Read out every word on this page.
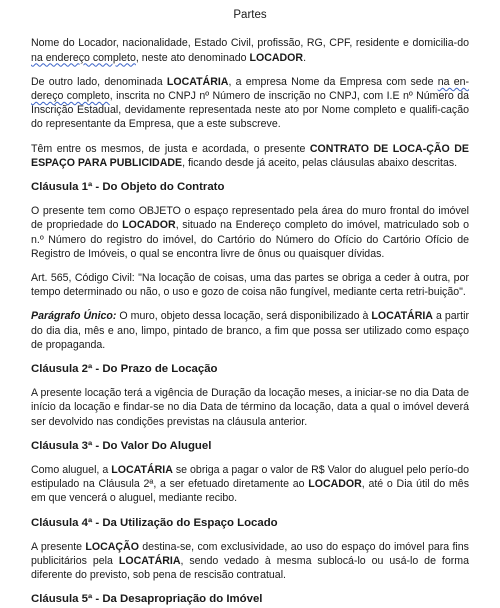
Partes

Nome do Locador, nacionalidade, Estado Civil, profissão, RG, CPF, residente e domicilia-do na endereço completo, neste ato denominado LOCADOR.

De outro lado, denominada LOCATÁRIA, a empresa Nome da Empresa com sede na en-dereço completo, inscrita no CNPJ nº Número de inscrição no CNPJ, com I.E nº Número da Inscrição Estadual, devidamente representada neste ato por Nome completo e qualifi-cação do representante da Empresa, que a este subscreve.

Têm entre os mesmos, de justa e acordada, o presente CONTRATO DE LOCA-ÇÃO DE ESPAÇO PARA PUBLICIDADE, ficando desde já aceito, pelas cláusulas abaixo descritas.

Cláusula 1ª - Do Objeto do Contrato

O presente tem como OBJETO o espaço representado pela área do muro frontal do imóvel de propriedade do LOCADOR, situado na Endereço completo do imóvel, matriculado sob o n.º Número do registro do imóvel, do Cartório do Número do Ofício do Cartório Ofício de Registro de Imóveis, o qual se encontra livre de ônus ou quaisquer dívidas.

Art. 565, Código Civil: "Na locação de coisas, uma das partes se obriga a ceder à outra, por tempo determinado ou não, o uso e gozo de coisa não fungível, mediante certa retri-buição".

Parágrafo Único: O muro, objeto dessa locação, será disponibilizado à LOCATÁRIA a partir do dia dia, mês e ano, limpo, pintado de branco, a fim que possa ser utilizado como espaço de propaganda.

Cláusula 2ª - Do Prazo de Locação

A presente locação terá a vigência de Duração da locação meses, a iniciar-se no dia Data de início da locação e findar-se no dia Data de término da locação, data a qual o imóvel deverá ser devolvido nas condições previstas na cláusula anterior.

Cláusula 3ª - Do Valor Do Aluguel

Como aluguel, a LOCATÁRIA se obriga a pagar o valor de R$ Valor do aluguel pelo perío-do estipulado na Cláusula 2ª, a ser efetuado diretamente ao LOCADOR, até o Dia útil do mês em que vencerá o aluguel, mediante recibo.

Cláusula 4ª - Da Utilização do Espaço Locado

A presente LOCAÇÃO destina-se, com exclusividade, ao uso do espaço do imóvel para fins publicitários pela LOCATÁRIA, sendo vedado à mesma sublocá-lo ou usá-lo de forma diferente do previsto, sob pena de rescisão contratual.

Cláusula 5ª - Da Desapropriação do Imóvel
